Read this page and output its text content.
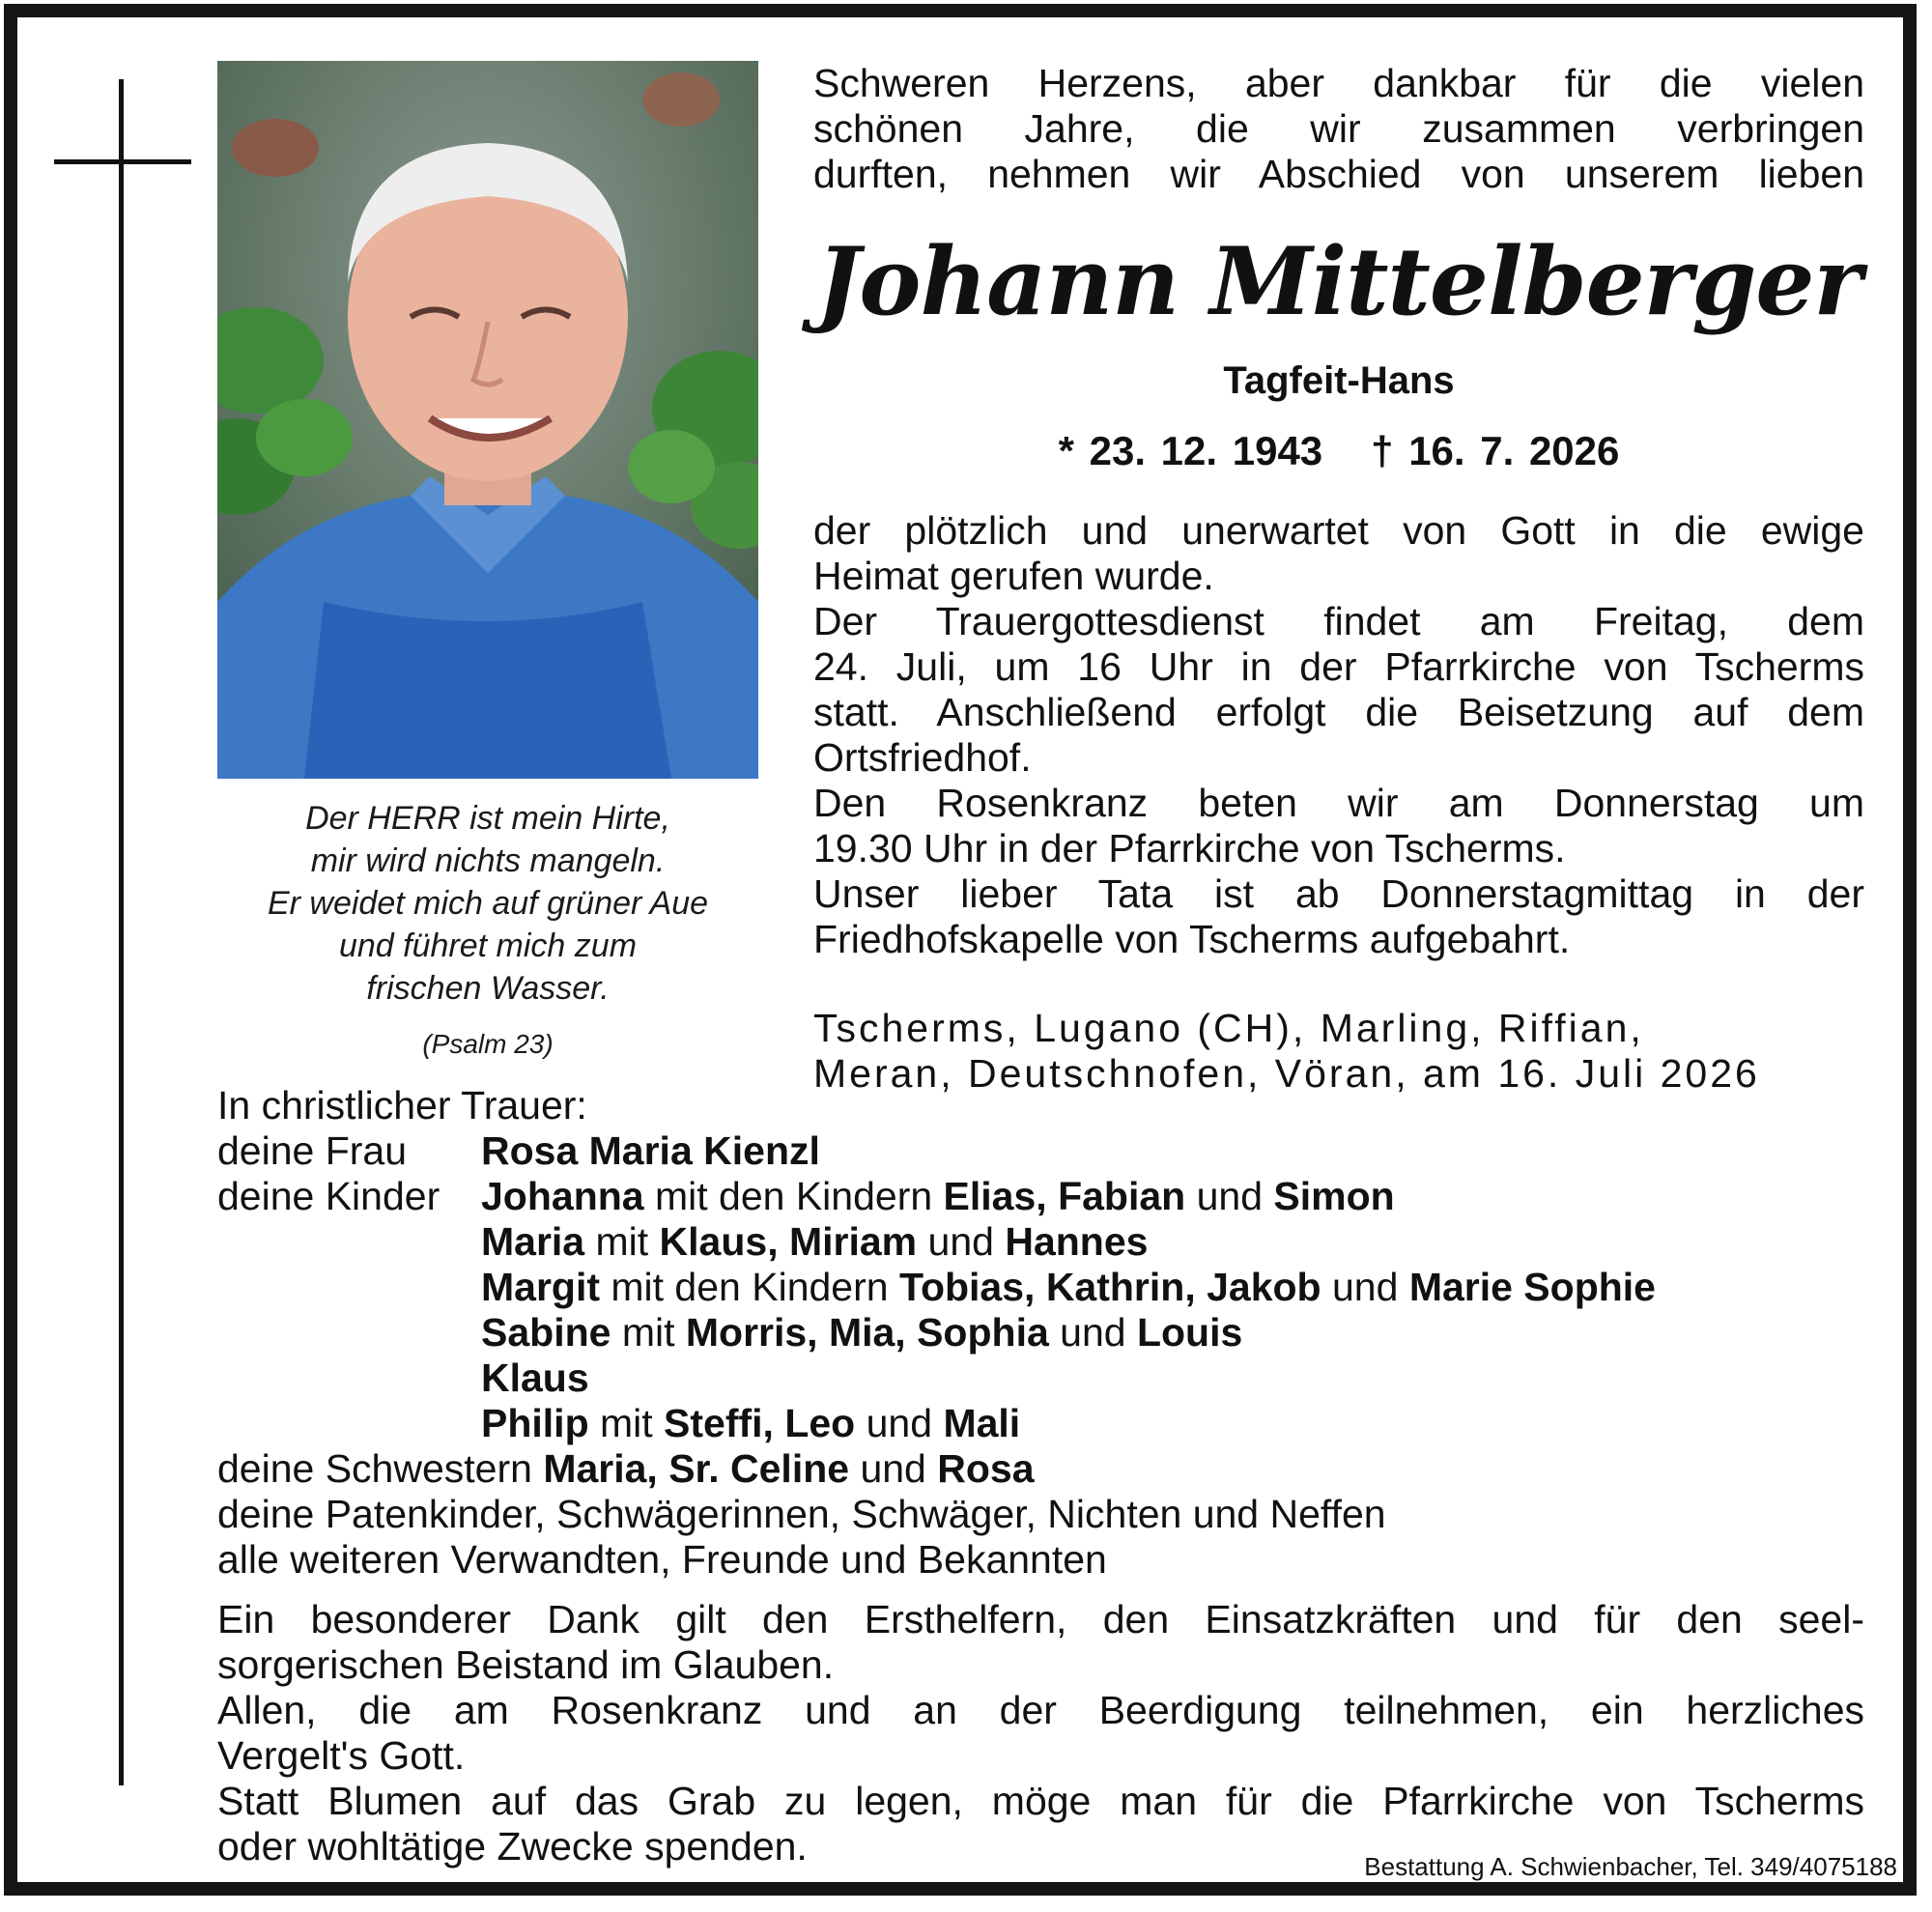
Der HERR ist mein Hirte,
mir wird nichts mangeln.
Er weidet mich auf grüner Aue
und führet mich zum
frischen Wasser.
(Psalm 23)
Schweren Herzens, aber dankbar für die vielen
schönen Jahre, die wir zusammen verbringen
durften, nehmen wir Abschied von unserem lieben
Johann Mittelberger
Tagfeit-Hans
* 23. 12. 1943 † 16. 7. 2026
der plötzlich und unerwartet von Gott in die ewige
Heimat gerufen wurde.
Der Trauergottesdienst findet am Freitag, dem
24. Juli, um 16 Uhr in der Pfarrkirche von Tscherms
statt. Anschließend erfolgt die Beisetzung auf dem
Ortsfriedhof.
Den Rosenkranz beten wir am Donnerstag um
19.30 Uhr in der Pfarrkirche von Tscherms.
Unser lieber Tata ist ab Donnerstagmittag in der
Friedhofskapelle von Tscherms aufgebahrt.
Tscherms, Lugano (CH), Marling, Riffian,
Meran, Deutschnofen, Vöran, am 16. Juli 2026
In christlicher Trauer:
deine Frau	Rosa Maria Kienzl
deine Kinder	Johanna mit den Kindern Elias, Fabian und Simon
Maria mit Klaus, Miriam und Hannes
Margit mit den Kindern Tobias, Kathrin, Jakob und Marie Sophie
Sabine mit Morris, Mia, Sophia und Louis
Klaus
Philip mit Steffi, Leo und Mali
deine Schwestern Maria, Sr. Celine und Rosa
deine Patenkinder, Schwägerinnen, Schwäger, Nichten und Neffen
alle weiteren Verwandten, Freunde und Bekannten
Ein besonderer Dank gilt den Ersthelfern, den Einsatzkräften und für den seel-
sorgerischen Beistand im Glauben.
Allen, die am Rosenkranz und an der Beerdigung teilnehmen, ein herzliches
Vergelt's Gott.
Statt Blumen auf das Grab zu legen, möge man für die Pfarrkirche von Tscherms
oder wohltätige Zwecke spenden.	Bestattung A. Schwienbacher, Tel. 349/4075188
